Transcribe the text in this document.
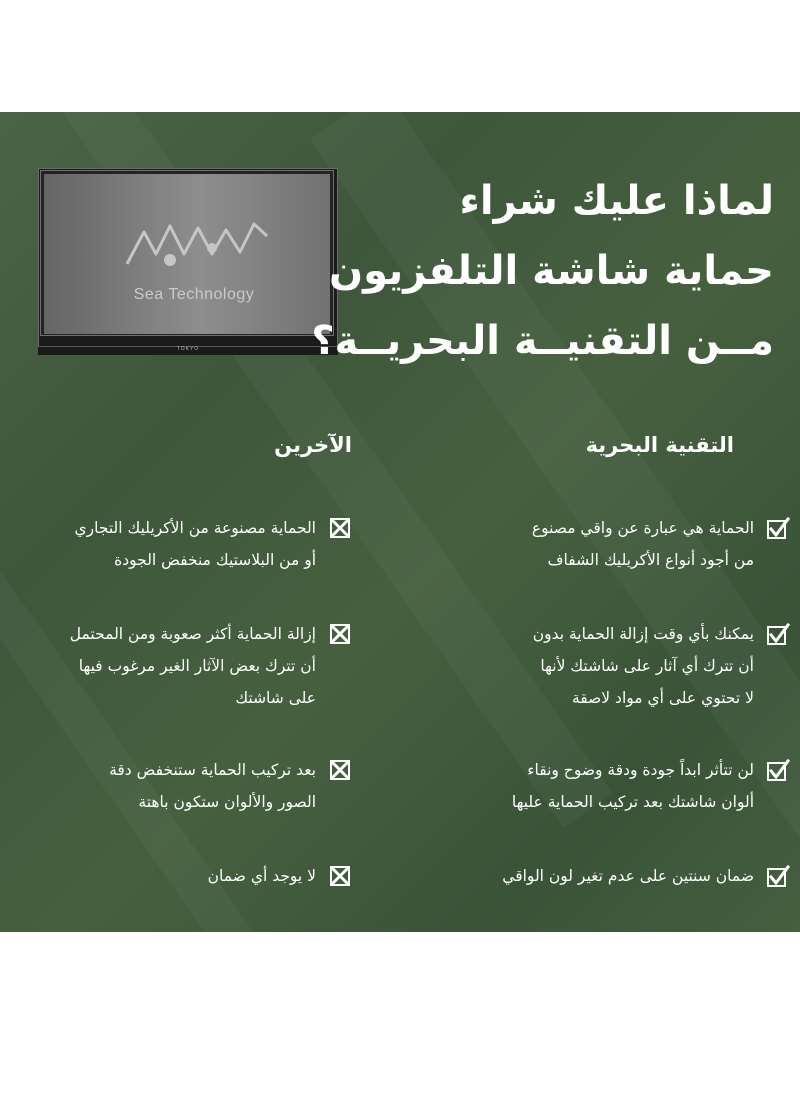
Sea Technology
TOKYO
لماذا عليك شراء
حماية شاشة التلفزيون
مــن التقنيــة البحريــة؟
التقنية البحرية
الحماية هي عبارة عن واقي مصنوع
من أجود أنواع الأكريليك الشفاف
يمكنك بأي وقت إزالة الحماية بدون
أن تترك أي آثار على شاشتك لأنها
لا تحتوي على أي مواد لاصقة
لن تتأثر ابداً جودة ودقة وضوح ونقاء
ألوان شاشتك بعد تركيب الحماية عليها
ضمان سنتين على عدم تغير لون الواقي
الآخرين
الحماية مصنوعة من الأكريليك التجاري
أو من البلاستيك منخفض الجودة
إزالة الحماية أكثر صعوبة ومن المحتمل
أن تترك بعض الآثار الغير مرغوب فيها
على شاشتك
بعد تركيب الحماية ستنخفض دقة
الصور والألوان ستكون باهتة
لا يوجد أي ضمان
